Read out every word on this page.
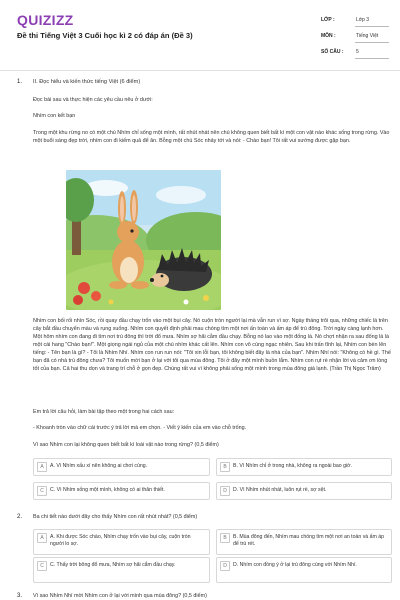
QUIZIZZ
Đề thi Tiếng Việt 3 Cuối học kì 2 có đáp án (Đề 3)
LỚP :	Lớp 3
MÔN :	Tiếng Việt
SỐ CÂU :	5
1. II. Đọc hiểu và kiến thức tiếng Việt (6 điểm)

Đọc bài sau và thực hiện các yêu cầu nêu ở dưới:

Nhím con kết bạn

Trong một khu rừng no có một chú Nhím chỉ sống một mình, rất nhút nhát nên chú không quen biết bất kì một con vật nào khác sống trong rừng. Vào một buổi sáng đẹp trời, nhím con đi kiếm quả để ăn. Bỗng một chú Sóc nhảy tới và nói: - Chào bạn! Tôi rất vui sướng được gặp bạn.

Nhím con bối rối nhìn Sóc, rồi quay đầu chạy trốn vào một bụi cây. Nó cuộn tròn người lại mà vẫn run vì sợ. Ngày tháng trôi qua, những chiếc lá trên cây bắt đầu chuyển màu và rụng xuống. Nhím con quyết định phải mau chóng tìm một nơi ấn toàn và ấm áp để trú đông. Trời ngày càng lạnh hơn. Một hôm nhím con đang đi tìm nơi trú đông thì trời đổ mưa. Nhím sợ hãi cằm đầu chạy. Bỗng nó lao vào một đống lá. Nó chợt nhận ra sau đống lá là một cái hang "Chào bạn!". Một giọng ngái ngủ của một chú nhím khác cất lên. Nhím con vô cùng ngạc nhiên. Sau khi trấn tĩnh lại, Nhím con bèn lên tiếng: - Tên bạn là gì? - Tôi là Nhím Nhí. Nhím con run run nói: "Tôi xin lỗi bạn, tôi không biết đây là nhà của bạn". Nhím Nhí nói: "Không có hề gì. Thế bạn đã có nhà trú đông chưa? Tôi muốn mời bạn ở lại với tôi qua mùa đông. Tôi ở đây một mình buồn lắm. Nhím con rụt rè nhận lời và cảm ơn lòng tốt của bạn. Cả hai thu dọn và trang trí chỗ ở gọn đẹp. Chúng rất vui vì không phải sống một mình trong mùa đông giá lạnh. (Trần Thị Ngọc Trâm)

Em trả lời câu hỏi, làm bài tập theo một trong hai cách sau:

- Khoanh tròn vào chữ cái trước ý trả lời mà em chọn. - Viết ý kiến của em vào chỗ trống.

Vì sao Nhím con lại không quen biết bất kì loài vật nào trong rừng? (0,5 điểm)

A	A. Vì Nhím xấu xí nên không ai chơi cùng.	B	B. Vì Nhím chỉ ở trong nhà, không ra ngoài bao giờ.
C	C. Vì Nhím sống một mình, không có ai thân thiết.	D	D. Vì Nhím nhút nhát, luôn rụt rè, sợ sệt.
2. Ba chi tiết nào dưới đây cho thấy Nhím con rất nhút nhát? (0,5 điểm)

A	A. Khi được Sóc chào, Nhím chạy trốn vào bụi cây, cuộn tròn người lo sợ.
B	B. Mùa đông đến, Nhím mau chóng tìm một nơi an toàn và ấm áp để trú rét.
C	C. Thấy trời bông đổ mưa, Nhím sợ hãi cắm đầu chạy.	D	D. Nhím con đồng ý ở lại trú đông cùng với Nhím Nhí.
3. Vì sao Nhím Nhí mời Nhím con ở lại với mình qua mùa đông? (0,5 điểm)
